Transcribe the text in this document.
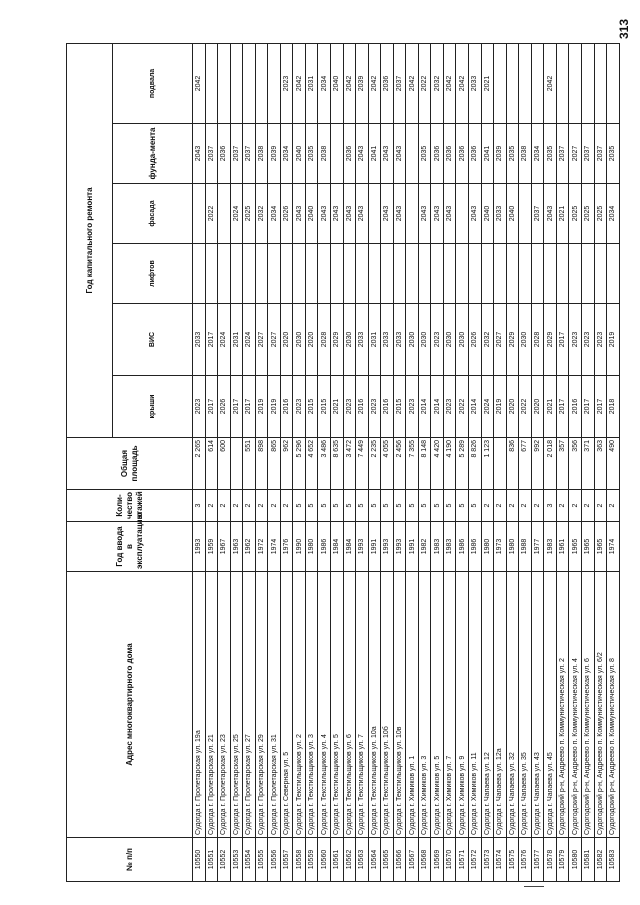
313
№ п/п	Адрес многоквартирного дома	Год ввода в эксплуатацию	Коли-чество этажей	Общая площадь	Год капитального ремонта					
					крыши	ВИС	лифтов	фасада	фунда-мента	подвала
10550	Судогда г. Пролетарская ул. 19а	1993	3	2 265	2023	2033			2043	2042
10551	Судогда г. Пролетарская ул. 21	1959	2	614	2017	2017		2022	2037	
10552	Судогда г. Пролетарская ул. 23	1967	2	600	2026	2024			2036	
10553	Судогда г. Пролетарская ул. 25	1963	2		2017	2031		2024	2037	
10554	Судогда г. Пролетарская ул. 27	1962	2	551	2017	2024		2025	2037	
10555	Судогда г. Пролетарская ул. 29	1972	2	898	2019	2027		2032	2038	
10556	Судогда г. Пролетарская ул. 31	1974	2	865	2019	2027		2034	2039	
10557	Судогда г. Северная ул. 5	1976	2	962	2016	2020		2026	2034	2023
10558	Судогда г. Текстильщиков ул. 2	1990	5	5 296	2023	2030		2043	2040	2042
10559	Судогда г. Текстильщиков ул. 3	1980	5	4 652	2015	2020		2040	2035	2031
10560	Судогда г. Текстильщиков ул. 4	1986	5	3 486	2015	2028		2043	2038	2034
10561	Судогда г. Текстильщиков ул. 5	1984	5	8 635	2021	2029		2043		2040
10562	Судогда г. Текстильщиков ул. 6	1984	5	3 472	2023	2030		2043	2036	2042
10563	Судогда г. Текстильщиков ул. 7	1993	5	7 449	2016	2033		2043	2043	2039
10564	Судогда г. Текстильщиков ул. 10а	1991	5	2 235	2023	2031			2041	2042
10565	Судогда г. Текстильщиков ул. 10б	1993	5	4 055	2016	2033		2043	2043	2036
10566	Судогда г. Текстильщиков ул. 10в	1993	5	2 456	2015	2033		2043	2043	2037
10567	Судогда г. Химиков ул. 1	1991	5	7 355	2023	2030				2042
10568	Судогда г. Химиков ул. 3	1982	5	8 148	2014	2030		2043	2035	2022
10569	Судогда г. Химиков ул. 5	1983	5	4 420	2014	2023		2043	2036	2032
10570	Судогда г. Химиков ул. 7	1983	5	4 190	2023	2030		2043	2036	2042
10571	Судогда г. Химиков ул. 9	1986	5	5 289	2022	2030			2036	2042
10572	Судогда г. Химиков ул. 11	1986	5	8 826	2014	2026		2043	2036	2033
10573	Судогда г. Чапаева ул. 12	1980	2	1 123	2024	2032		2040	2041	2021
10574	Судогда г. Чапаева ул. 12а	1973	2		2019	2027		2033	2039	
10575	Судогда г. Чапаева ул. 32	1980	2	836	2020	2029		2040	2035	
10576	Судогда г. Чапаева ул. 35	1988	2	677	2022	2030			2038	
10577	Судогда г. Чапаева ул. 43	1977	2	992	2020	2028		2037	2034	
10578	Судогда г. Чапаева ул. 45	1983	3	2 018	2021	2029		2043	2035	2042
10579	Судогодский р-н, Андреево п. Коммунистическая ул. 2	1961	2	357	2017	2017		2021	2037	
10580	Судогодский р-н, Андреево п. Коммунистическая ул. 4	1965	2	356	2016	2023		2025	2027	
10581	Судогодский р-н, Андреево п. Коммунистическая ул. 6	1965	2	371	2017	2023		2025	2037	
10582	Судогодский р-н, Андреево п. Коммунистическая ул. 6/2	1965	2	363	2017	2023		2025	2037	
10583	Судогодский р-н, Андреево п. Коммунистическая ул. 8	1974	2	490	2018	2019		2034	2035	
